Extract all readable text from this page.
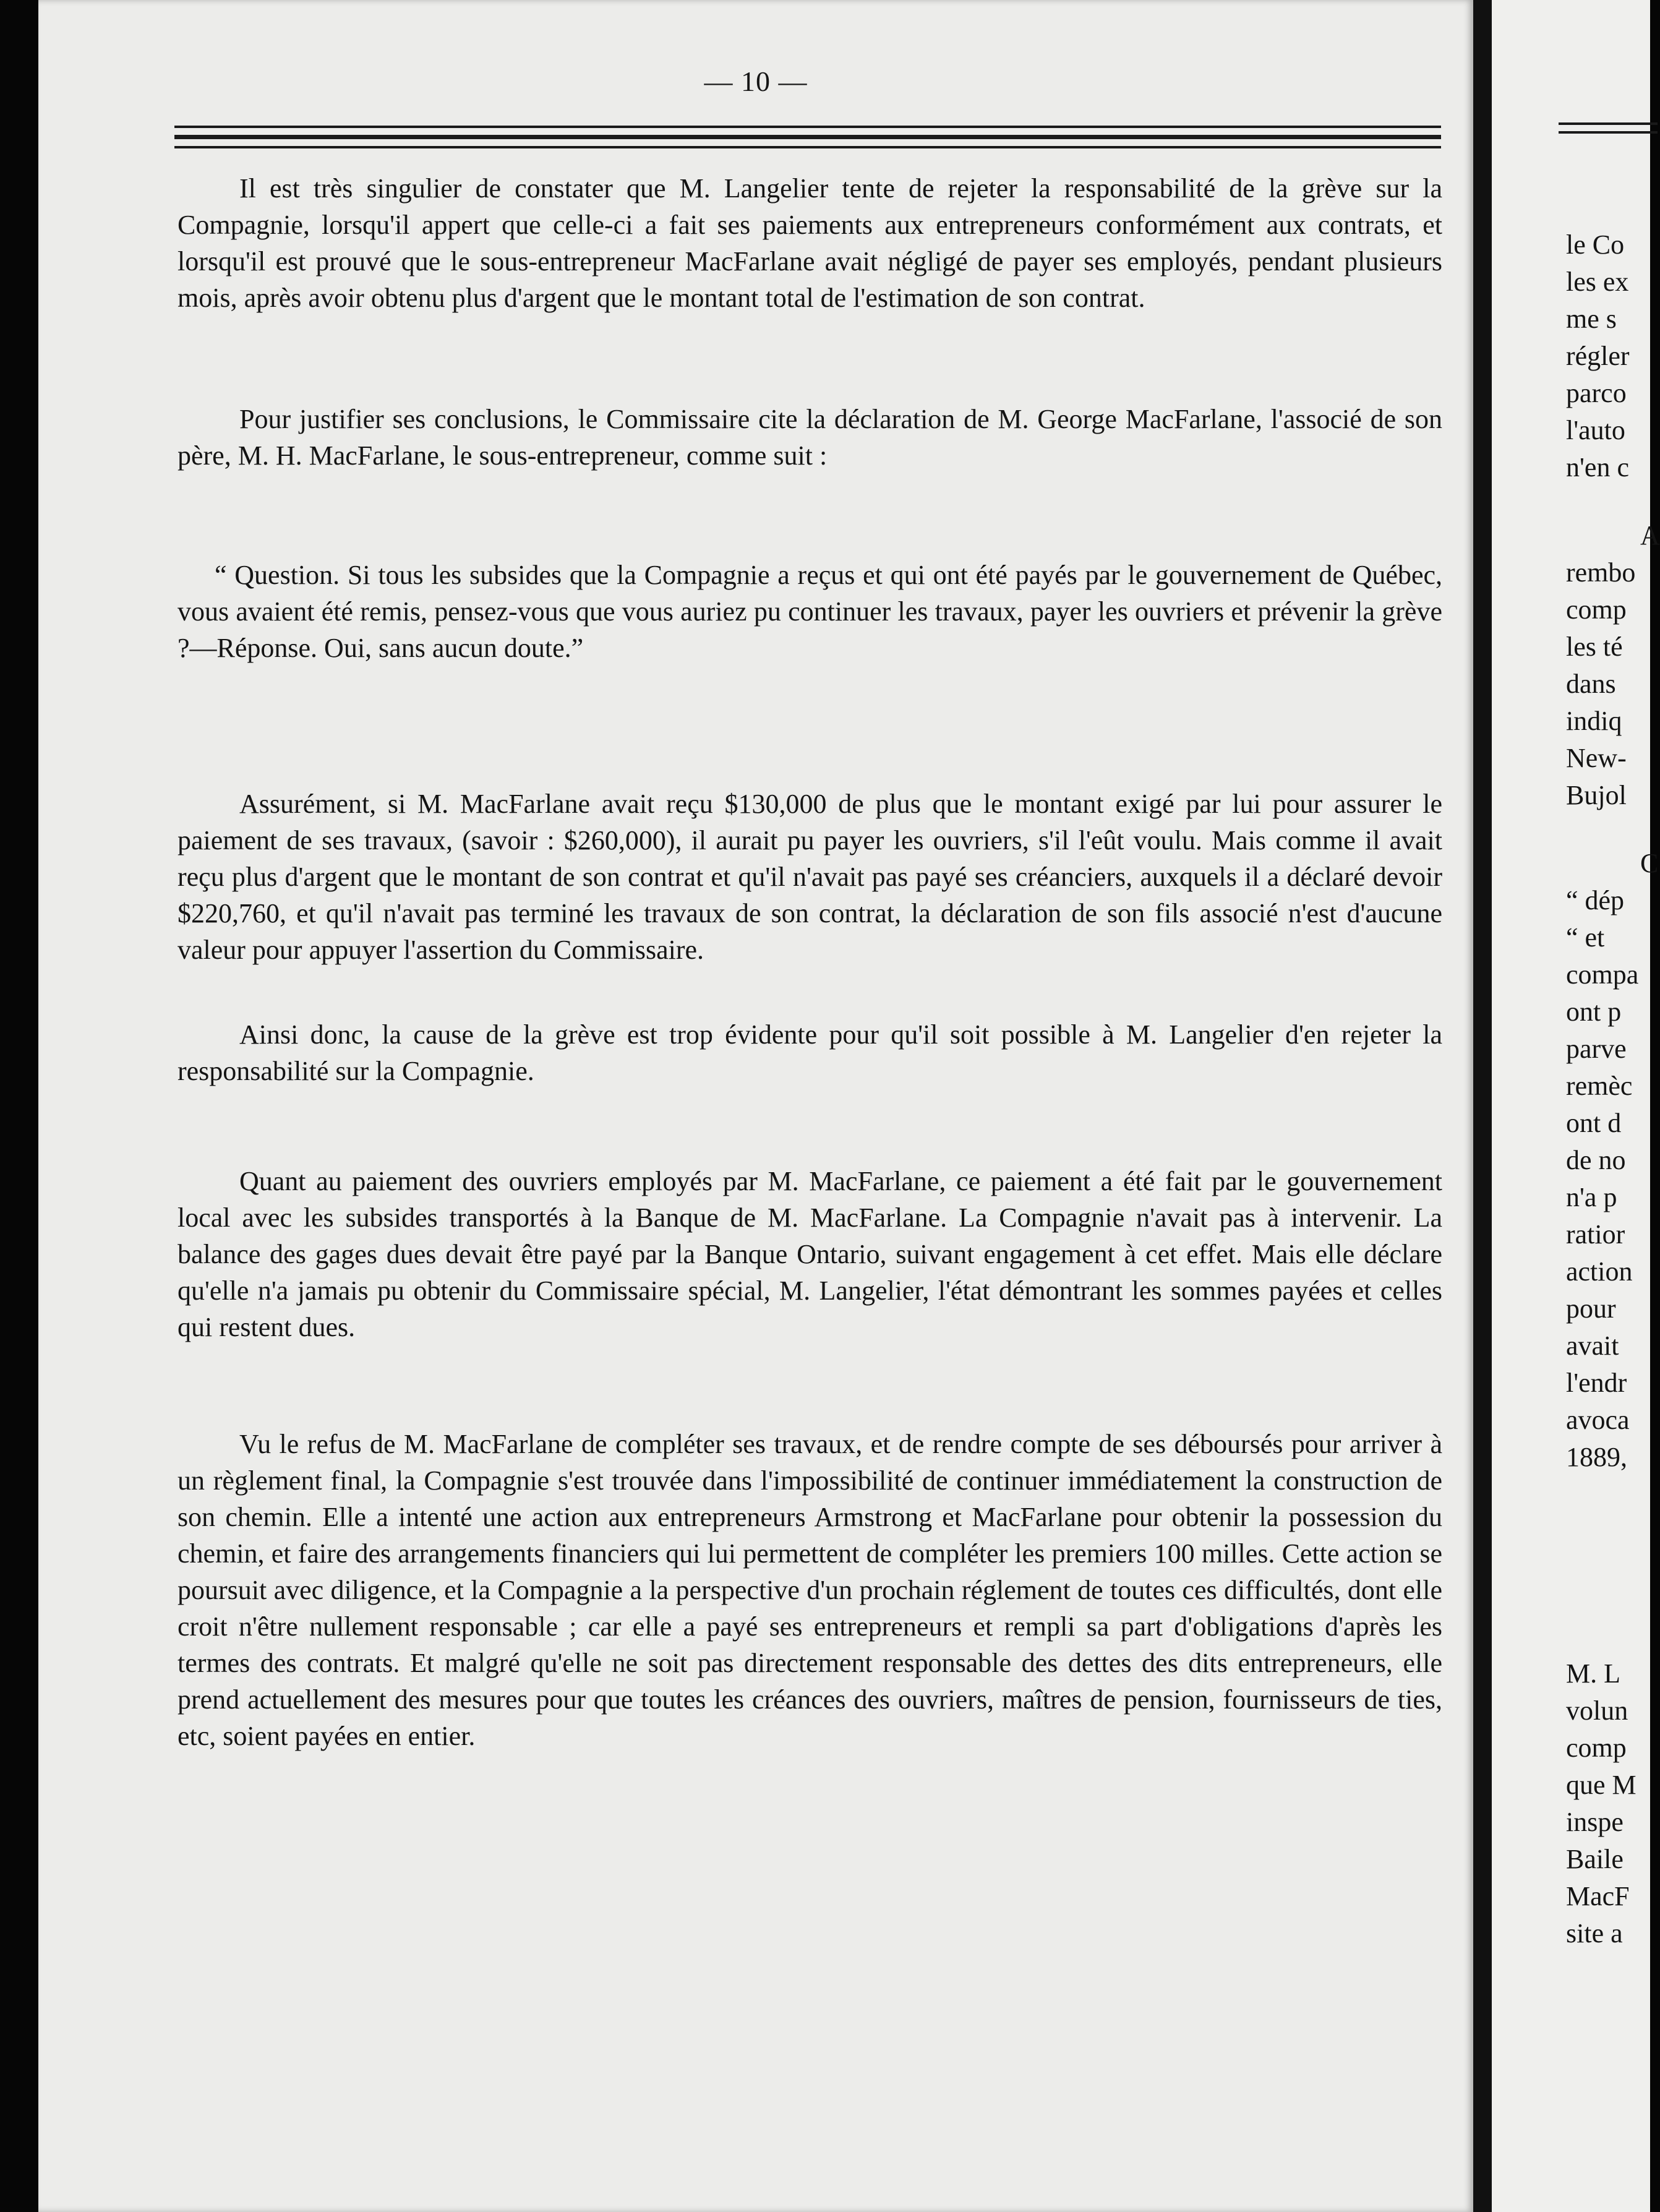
— 10 —

Il est très singulier de constater que M. Langelier tente de rejeter la responsabilité de la grève sur la Compagnie, lorsqu'il appert que celle-ci a fait ses paiements aux entrepreneurs conformément aux contrats, et lorsqu'il est prouvé que le sous-entrepreneur MacFarlane avait négligé de payer ses employés, pendant plusieurs mois, après avoir obtenu plus d'argent que le montant total de l'estimation de son contrat.

Pour justifier ses conclusions, le Commissaire cite la déclaration de M. George MacFarlane, l'associé de son père, M. H. MacFarlane, le sous-entrepreneur, comme suit :

“ Question. Si tous les subsides que la Compagnie a reçus et qui ont été payés par le gouvernement de Québec, vous avaient été remis, pensez-vous que vous auriez pu continuer les travaux, payer les ouvriers et prévenir la grève ?—Réponse. Oui, sans aucun doute.”

Assurément, si M. MacFarlane avait reçu $130,000 de plus que le montant exigé par lui pour assurer le paiement de ses travaux, (savoir : $260,000), il aurait pu payer les ouvriers, s'il l'eût voulu. Mais comme il avait reçu plus d'argent que le montant de son contrat et qu'il n'avait pas payé ses créanciers, auxquels il a déclaré devoir $220,760, et qu'il n'avait pas terminé les travaux de son contrat, la déclaration de son fils associé n'est d'aucune valeur pour appuyer l'assertion du Commissaire.

Ainsi donc, la cause de la grève est trop évidente pour qu'il soit possible à M. Langelier d'en rejeter la responsabilité sur la Compagnie.

Quant au paiement des ouvriers employés par M. MacFarlane, ce paiement a été fait par le gouvernement local avec les subsides transportés à la Banque de M. MacFarlane. La Compagnie n'avait pas à intervenir. La balance des gages dues devait être payé par la Banque Ontario, suivant engagement à cet effet. Mais elle déclare qu'elle n'a jamais pu obtenir du Commissaire spécial, M. Langelier, l'état démontrant les sommes payées et celles qui restent dues.

Vu le refus de M. MacFarlane de compléter ses travaux, et de rendre compte de ses déboursés pour arriver à un règlement final, la Compagnie s'est trouvée dans l'impossibilité de continuer immédiatement la construction de son chemin. Elle a intenté une action aux entrepreneurs Armstrong et MacFarlane pour obtenir la possession du chemin, et faire des arrangements financiers qui lui permettent de compléter les premiers 100 milles. Cette action se poursuit avec diligence, et la Compagnie a la perspective d'un prochain réglement de toutes ces difficultés, dont elle croit n'être nullement responsable ; car elle a payé ses entrepreneurs et rempli sa part d'obligations d'après les termes des contrats. Et malgré qu'elle ne soit pas directement responsable des dettes des dits entrepreneurs, elle prend actuellement des mesures pour que toutes les créances des ouvriers, maîtres de pension, fournisseurs de ties, etc, soient payées en entier.

le Co

les ex

me s

régler

parco

l'auto

n'en c

A

rembo

comp

les té

dans

indiq

New-

Bujol

C

“ dép

“ et

compa

ont p

parve

remèc

ont d

de no

n'a p

ratior

action

pour

avait

l'endr

avoca

1889,

M. L

volun

comp

que M

inspe

Baile

MacF

site a
